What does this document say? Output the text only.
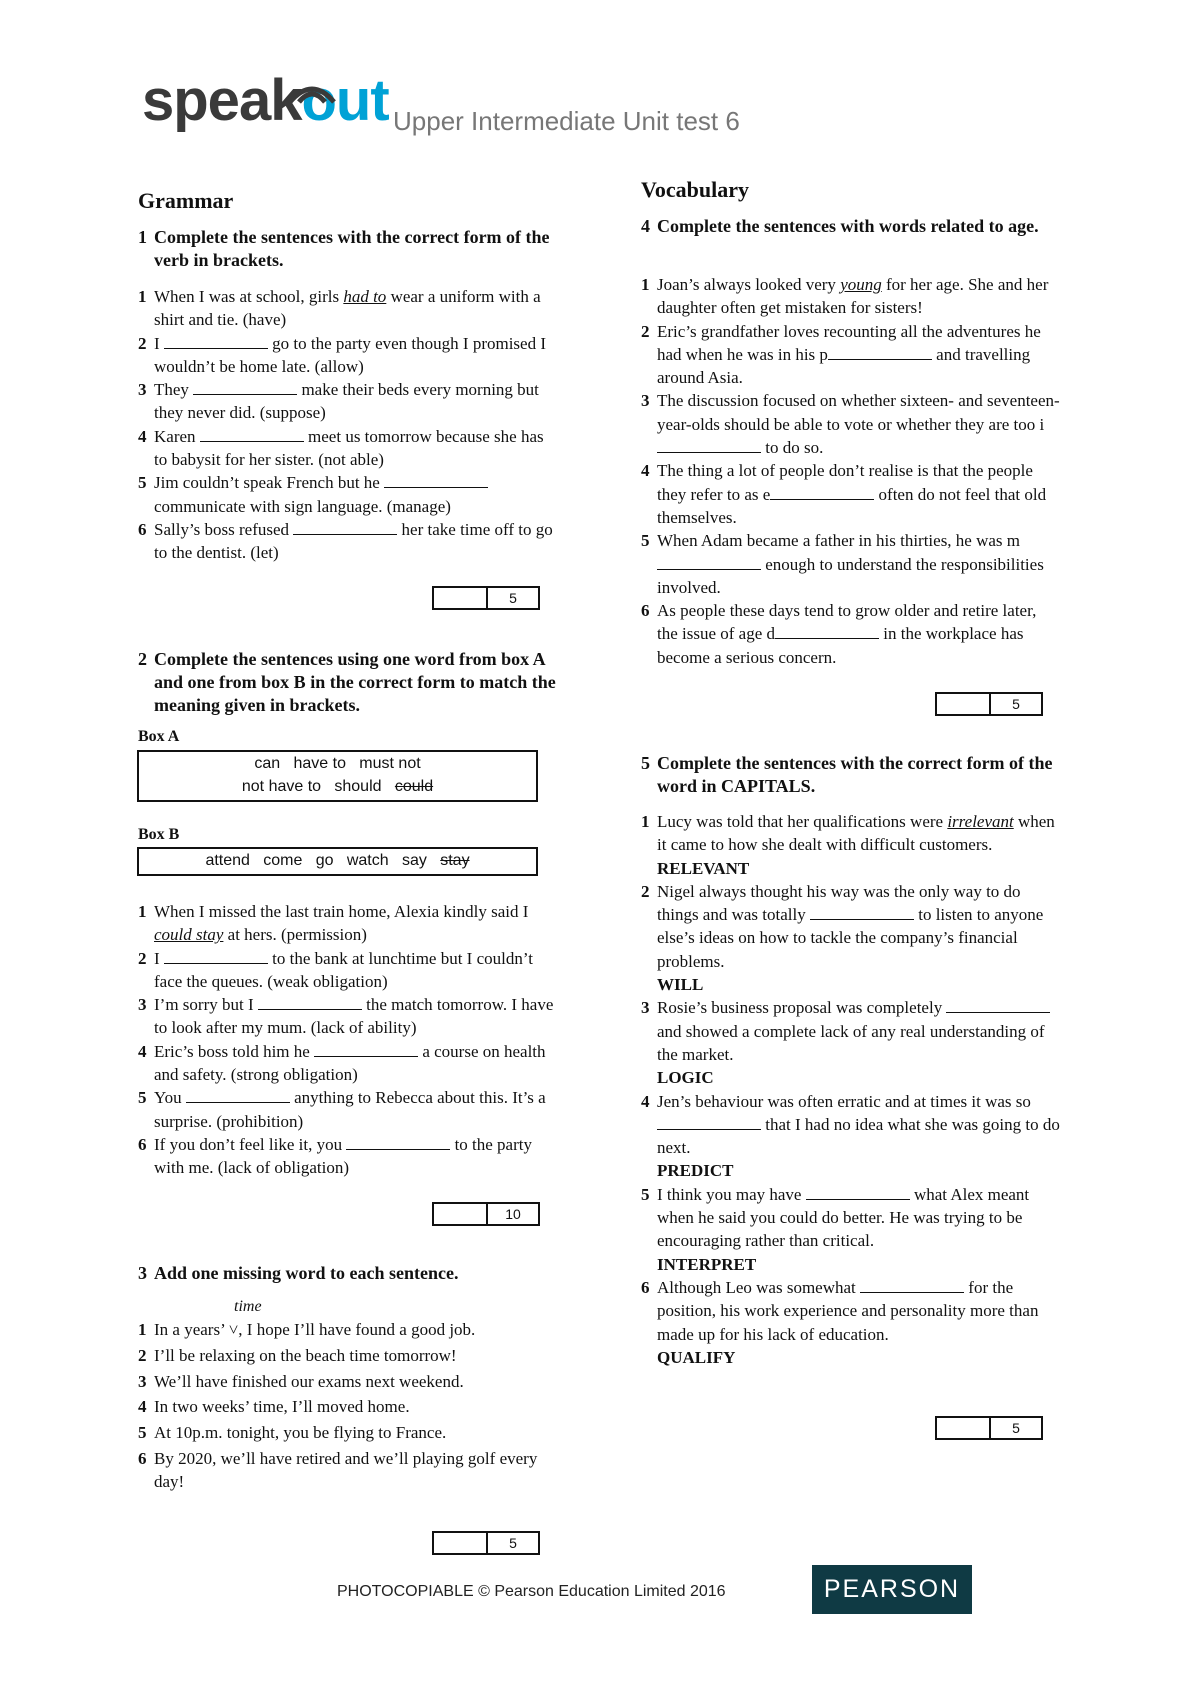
speakout Upper Intermediate Unit test 6
Grammar
1 Complete the sentences with the correct form of the verb in brackets.
1 When I was at school, girls had to wear a uniform with a shirt and tie. (have)
2 I	go to the party even though I promised I wouldn’t be home late. (allow)
3 They	make their beds every morning but they never did. (suppose)
4 Karen	meet us tomorrow because she has to babysit for her sister. (not able)
5 Jim couldn’t speak French but he  communicate with sign language. (manage)
6 Sally’s boss refused	her take time off to go to the dentist. (let)
5
2 Complete the sentences using one word from box A and one from box B in the correct form to match the meaning given in brackets.
Box A
can   have to   must not
not have to   should   could
Box B
attend   come   go   watch   say   stay
1 When I missed the last train home, Alexia kindly said I could stay at hers. (permission)
2 I	to the bank at lunchtime but I couldn’t face the queues. (weak obligation)
3 I’m sorry but I	the match tomorrow. I have to look after my mum. (lack of ability)
4 Eric’s boss told him he	a course on health and safety. (strong obligation)
5 You	anything to Rebecca about this. It’s a surprise. (prohibition)
6 If you don’t feel like it, you	to the party with me. (lack of obligation)
10
3 Add one missing word to each sentence.
time
1 In a years’ ˅, I hope I’ll have found a good job.
2 I’ll be relaxing on the beach time tomorrow!
3 We’ll have finished our exams next weekend.
4 In two weeks’ time, I’ll moved home.
5 At 10p.m. tonight, you be flying to France.
6 By 2020, we’ll have retired and we’ll playing golf every day!
5
Vocabulary
4 Complete the sentences with words related to age.
1 Joan’s always looked very young for her age. She and her daughter often get mistaken for sisters!
2 Eric’s grandfather loves recounting all the adventures he had when he was in his p	and travelling around Asia.
3 The discussion focused on whether sixteen- and seventeen-year-olds should be able to vote or whether they are too i to do so.
4 The thing a lot of people don’t realise is that the people they refer to as e	often do not feel that old themselves.
5 When Adam became a father in his thirties, he was m enough to understand the responsibilities involved.
6 As people these days tend to grow older and retire later, the issue of age d	in the workplace has become a serious concern.
5
5 Complete the sentences with the correct form of the word in CAPITALS.
1 Lucy was told that her qualifications were irrelevant when it came to how she dealt with difficult customers.
RELEVANT
2 Nigel always thought his way was the only way to do things and was totally	to listen to anyone else’s ideas on how to tackle the company’s financial problems.
WILL
3 Rosie’s business proposal was completely  and showed a complete lack of any real understanding of the market.
LOGIC
4 Jen’s behaviour was often erratic and at times it was so  that I had no idea what she was going to do next.
PREDICT
5 I think you may have	what Alex meant when he said you could do better. He was trying to be encouraging rather than critical.
INTERPRET
6 Although Leo was somewhat	for the position, his work experience and personality more than made up for his lack of education.
QUALIFY
5
PHOTOCOPIABLE © Pearson Education Limited 2016	PEARSON
